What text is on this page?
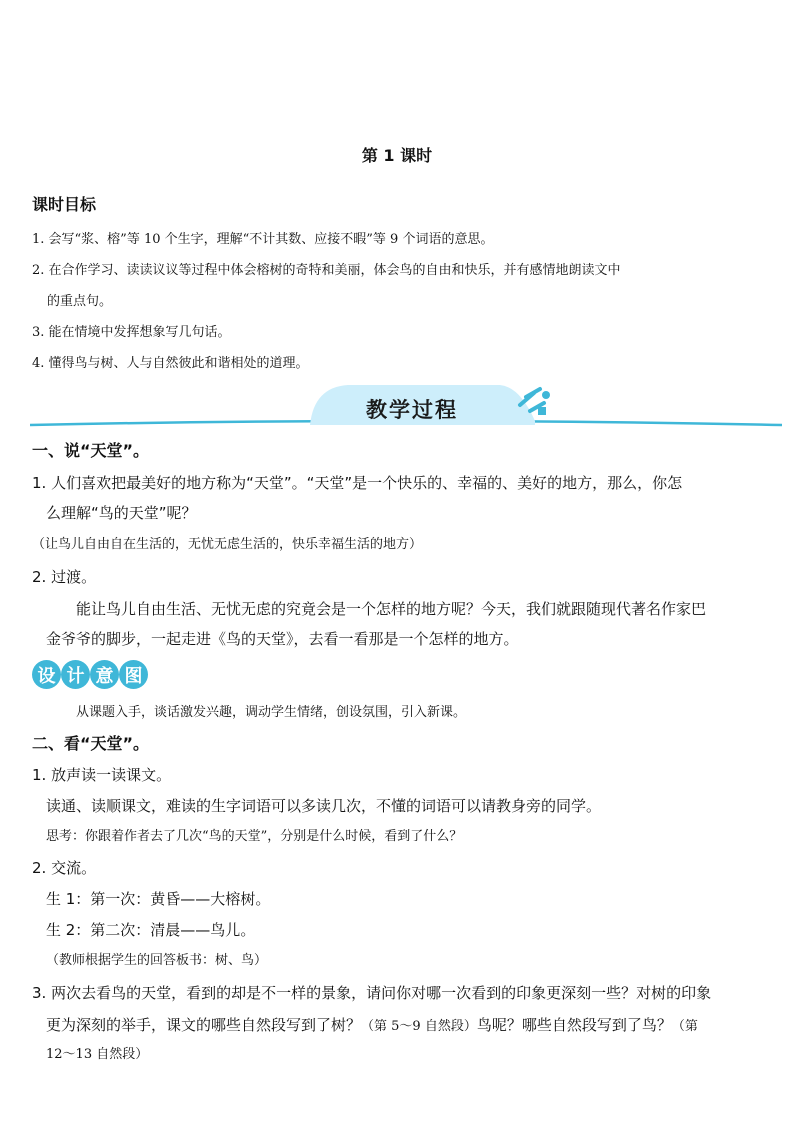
第 1 课时
课时目标
1. 会写“浆、榕”等 10 个生字，理解“不计其数、应接不暇”等 9 个词语的意思。
2. 在合作学习、读读议议等过程中体会榕树的奇特和美丽，体会鸟的自由和快乐，并有感情地朗读文中
的重点句。
3. 能在情境中发挥想象写几句话。
4. 懂得鸟与树、人与自然彼此和谐相处的道理。
教学过程
一、说“天堂”。
1. 人们喜欢把最美好的地方称为“天堂”。“天堂”是一个快乐的、幸福的、美好的地方，那么，你怎
么理解“鸟的天堂”呢？
（让鸟儿自由自在生活的，无忧无虑生活的，快乐幸福生活的地方）
2. 过渡。
能让鸟儿自由生活、无忧无虑的究竟会是一个怎样的地方呢？今天，我们就跟随现代著名作家巴
金爷爷的脚步，一起走进《鸟的天堂》，去看一看那是一个怎样的地方。
设 计 意 图
从课题入手，谈话激发兴趣，调动学生情绪，创设氛围，引入新课。
二、看“天堂”。
1. 放声读一读课文。
读通、读顺课文，难读的生字词语可以多读几次，不懂的词语可以请教身旁的同学。
思考：你跟着作者去了几次“鸟的天堂”，分别是什么时候，看到了什么？
2. 交流。
生 1：第一次：黄昏——大榕树。
生 2：第二次：清晨——鸟儿。
（教师根据学生的回答板书：树、鸟）
3. 两次去看鸟的天堂，看到的却是不一样的景象，请问你对哪一次看到的印象更深刻一些？对树的印象
更为深刻的举手，课文的哪些自然段写到了树？（第 5～9 自然段）鸟呢？哪些自然段写到了鸟？（第
12～13 自然段）
